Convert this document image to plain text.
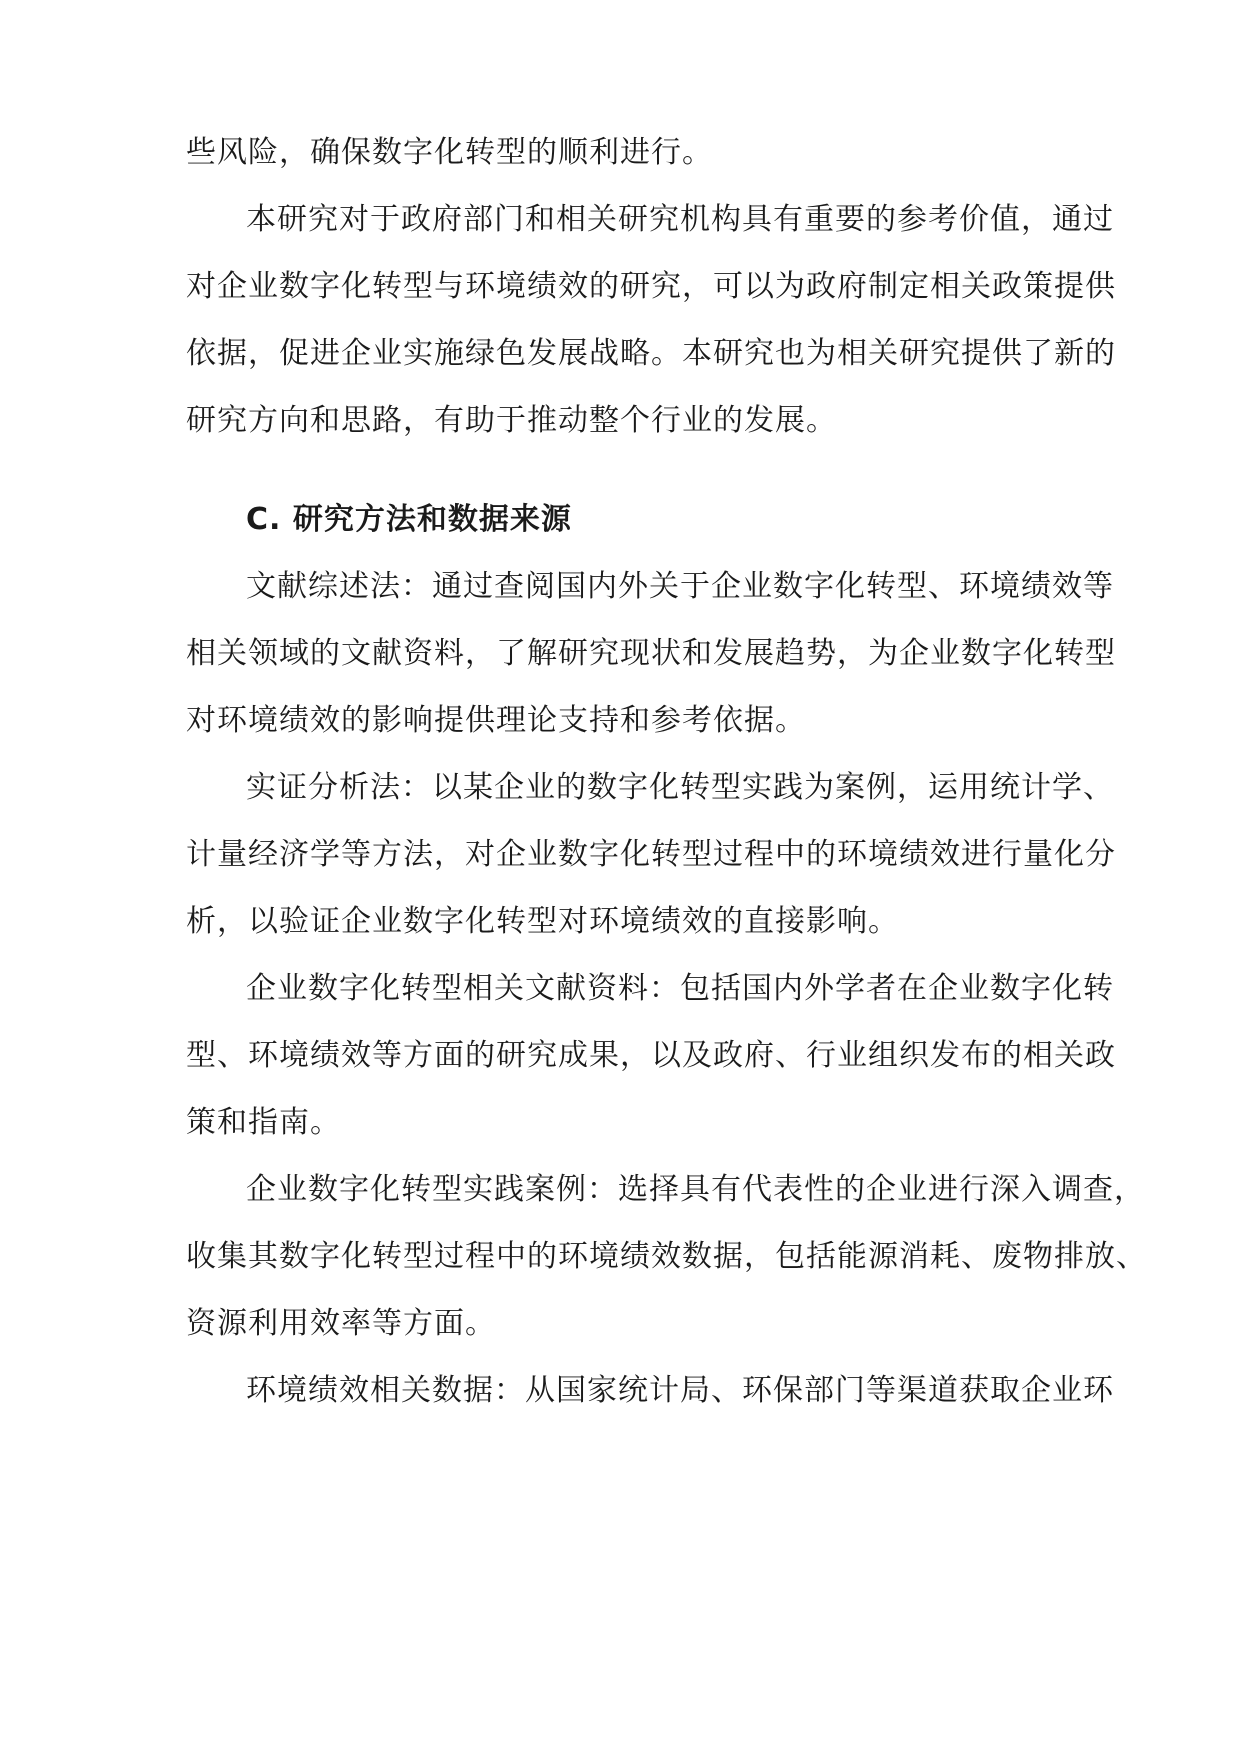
些风险，确保数字化转型的顺利进行。
本研究对于政府部门和相关研究机构具有重要的参考价值，通过
对企业数字化转型与环境绩效的研究，可以为政府制定相关政策提供
依据，促进企业实施绿色发展战略。本研究也为相关研究提供了新的
研究方向和思路，有助于推动整个行业的发展。
C. 研究方法和数据来源
文献综述法：通过查阅国内外关于企业数字化转型、环境绩效等
相关领域的文献资料，了解研究现状和发展趋势，为企业数字化转型
对环境绩效的影响提供理论支持和参考依据。
实证分析法：以某企业的数字化转型实践为案例，运用统计学、
计量经济学等方法，对企业数字化转型过程中的环境绩效进行量化分
析，以验证企业数字化转型对环境绩效的直接影响。
企业数字化转型相关文献资料：包括国内外学者在企业数字化转
型、环境绩效等方面的研究成果，以及政府、行业组织发布的相关政
策和指南。
企业数字化转型实践案例：选择具有代表性的企业进行深入调查，
收集其数字化转型过程中的环境绩效数据，包括能源消耗、废物排放、
资源利用效率等方面。
环境绩效相关数据：从国家统计局、环保部门等渠道获取企业环
